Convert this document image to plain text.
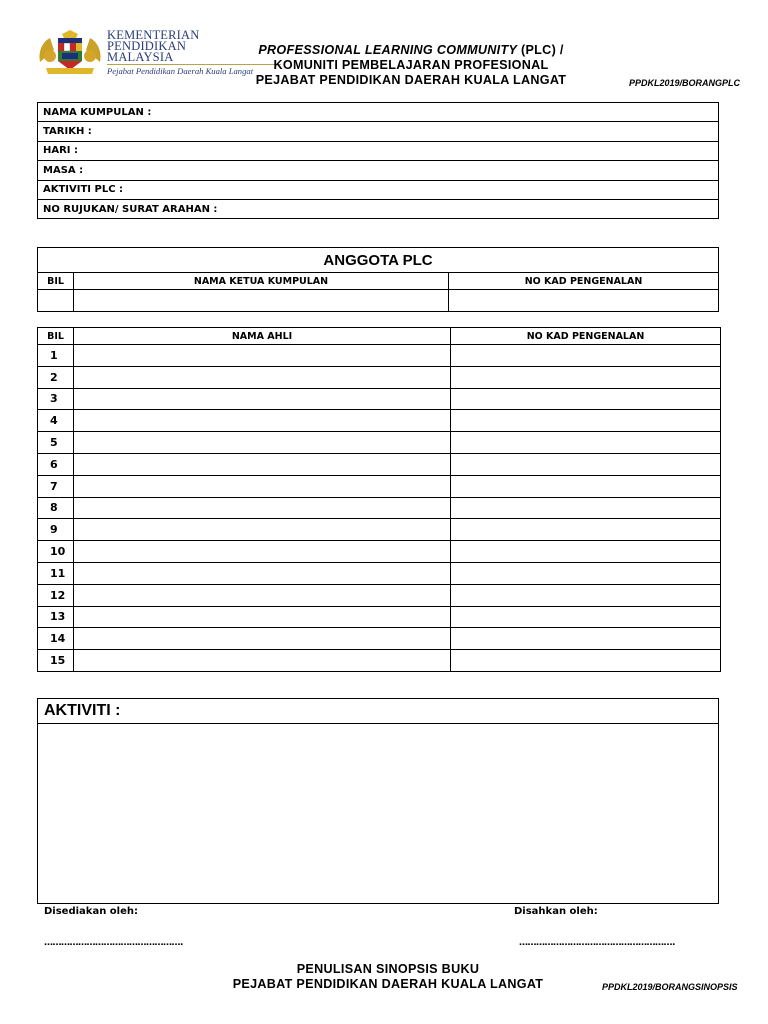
KEMENTERIAN
PENDIDIKAN
MALAYSIA
Pejabat Pendidikan Daerah Kuala Langat
PROFESSIONAL LEARNING COMMUNITY (PLC) /
KOMUNITI PEMBELAJARAN PROFESIONAL
PEJABAT PENDIDIKAN DAERAH KUALA LANGAT	PPDKL2019/BORANGPLC
NAMA KUMPULAN :
TARIKH :
HARI :
MASA :
AKTIVITI PLC :
NO RUJUKAN/ SURAT ARAHAN :
ANGGOTA PLC		
BIL	NAMA KETUA KUMPULAN	NO KAD PENGENALAN

BIL	NAMA AHLI	NO KAD PENGENALAN
1		
2		
3		
4		
5		
6		
7		
8		
9		
10		
11		
12		
13		
14		
15		
AKTIVITI :

Disediakan oleh:	Disahkan oleh:
………………………………………….	……………………………………………….
PENULISAN SINOPSIS BUKU
PEJABAT PENDIDIKAN DAERAH KUALA LANGAT	PPDKL2019/BORANGSINOPSIS
